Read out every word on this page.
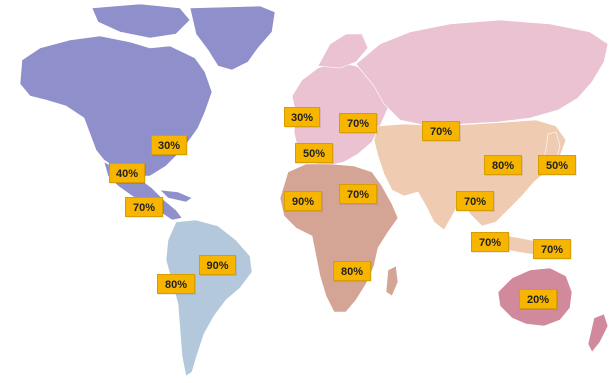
30%
40%
70%
90%
80%
30%	70%
50%
90%
70%
80%
70%
80%	50%
70%
70%
70%
20%
